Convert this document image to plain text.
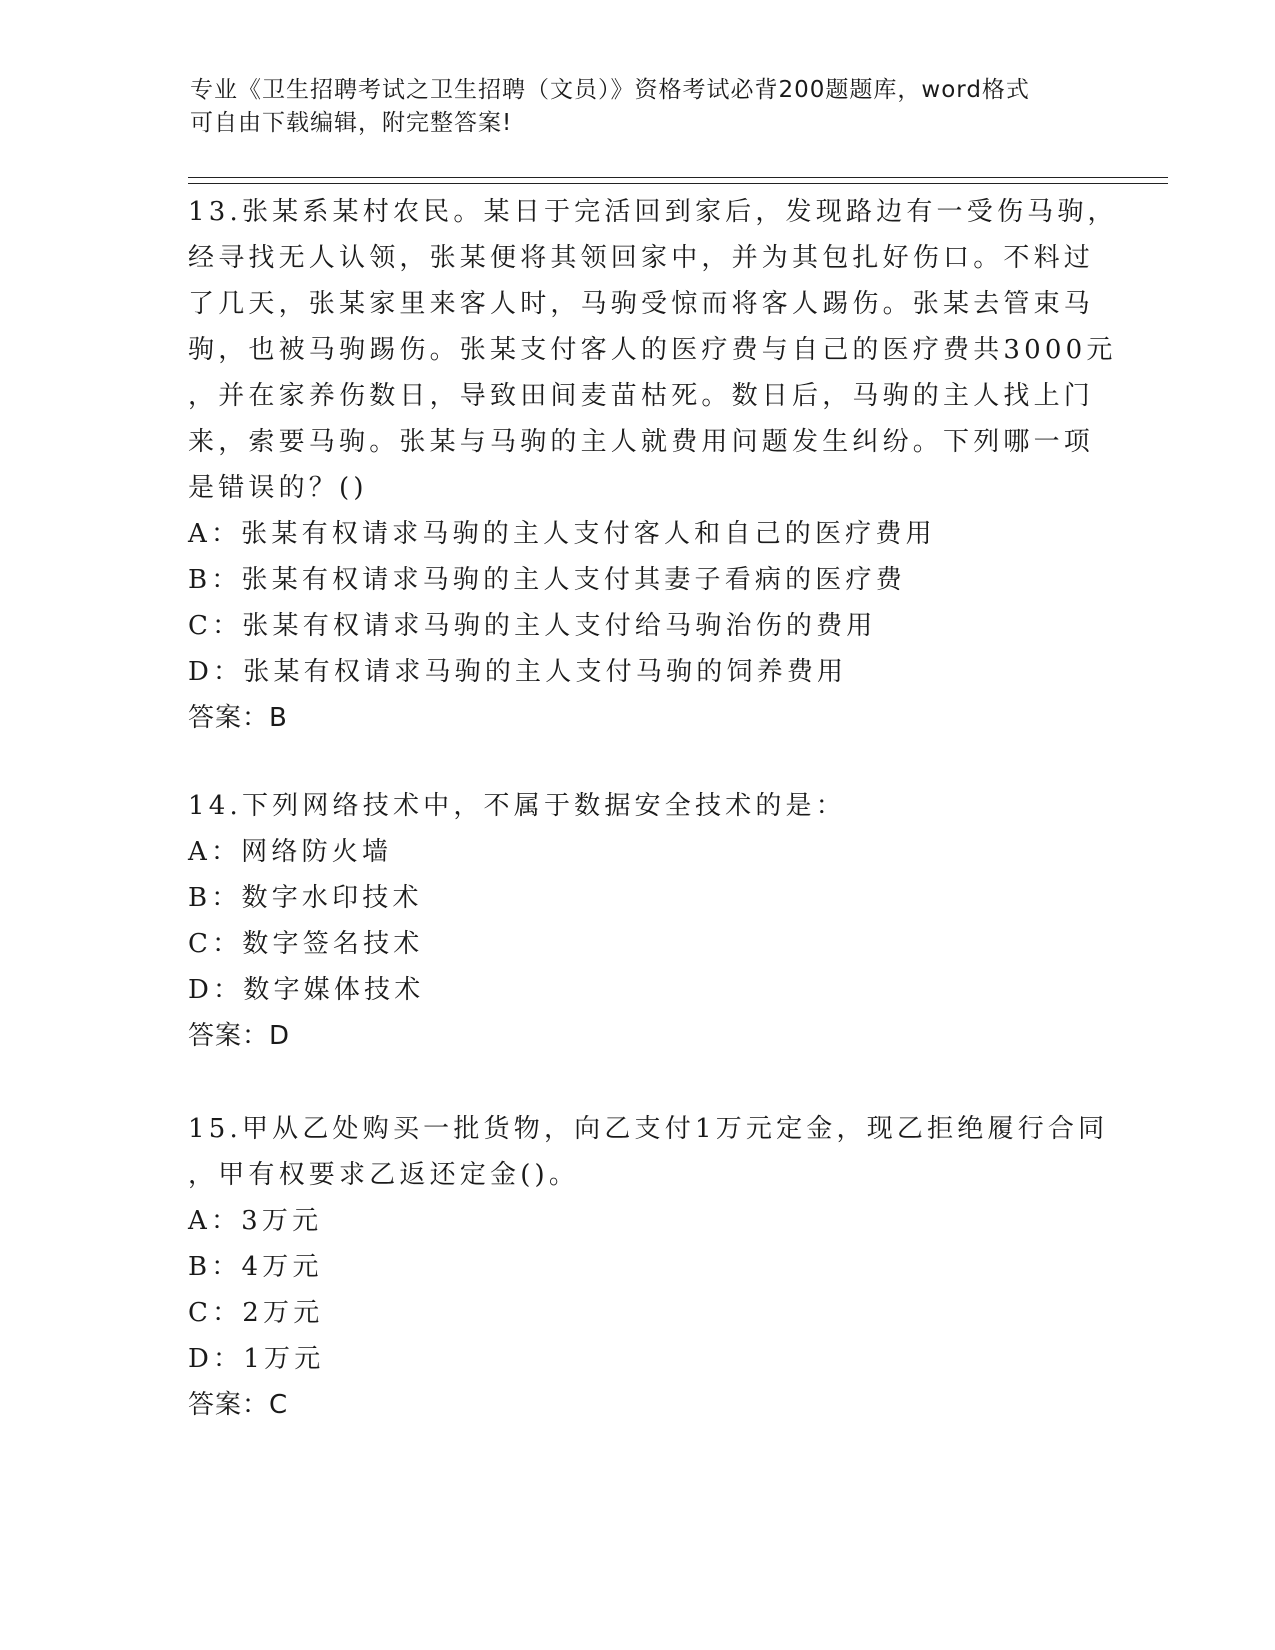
专业《卫生招聘考试之卫生招聘（文员）》资格考试必背200题题库，word格式
可自由下载编辑，附完整答案!
13.张某系某村农民。某日于完活回到家后，发现路边有一受伤马驹，
经寻找无人认领，张某便将其领回家中，并为其包扎好伤口。不料过
了几天，张某家里来客人时，马驹受惊而将客人踢伤。张某去管束马
驹，也被马驹踢伤。张某支付客人的医疗费与自己的医疗费共3000元
，并在家养伤数日，导致田间麦苗枯死。数日后，马驹的主人找上门
来，索要马驹。张某与马驹的主人就费用问题发生纠纷。下列哪一项
是错误的？()
A：张某有权请求马驹的主人支付客人和自己的医疗费用
B：张某有权请求马驹的主人支付其妻子看病的医疗费
C：张某有权请求马驹的主人支付给马驹治伤的费用
D：张某有权请求马驹的主人支付马驹的饲养费用
答案：B
14.下列网络技术中，不属于数据安全技术的是：
A：网络防火墙
B：数字水印技术
C：数字签名技术
D：数字媒体技术
答案：D
15.甲从乙处购买一批货物，向乙支付1万元定金，现乙拒绝履行合同
，甲有权要求乙返还定金()。
A：3万元
B：4万元
C：2万元
D：1万元
答案：C
